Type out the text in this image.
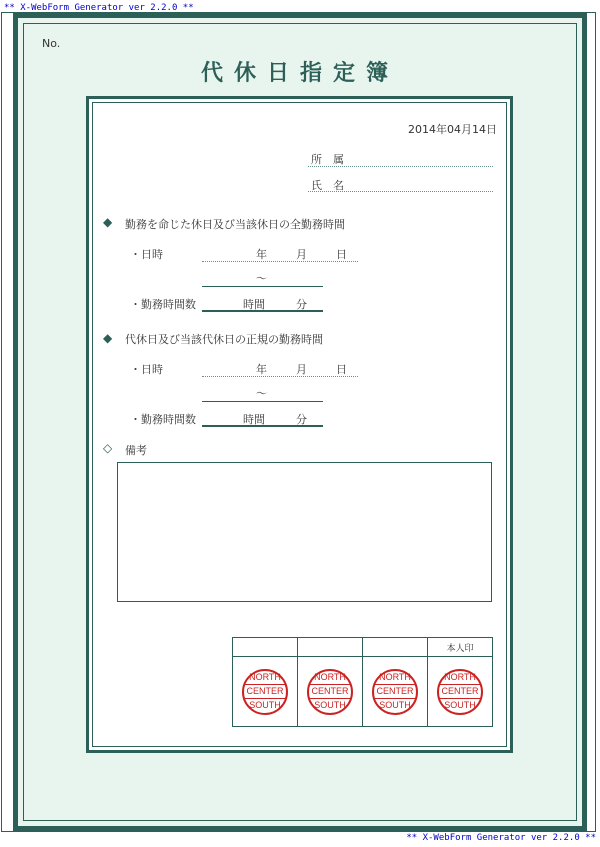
** X-WebForm Generator ver 2.2.0 **
No.
代休日指定簿
2014年04月14日
所　属
氏　名
◆ 勤務を命じた休日及び当該休日の全勤務時間
・日時	年	月	日
～
・勤務時間数	時間	分
◆ 代休日及び当該代休日の正規の勤務時間
・日時	年	月	日
～
・勤務時間数	時間	分
◇ 備考
			本人印

NORTH
CENTER
SOUTH	NORTH
CENTER
SOUTH	NORTH
CENTER
SOUTH	NORTH
CENTER
SOUTH
** X-WebForm Generator ver 2.2.0 **
